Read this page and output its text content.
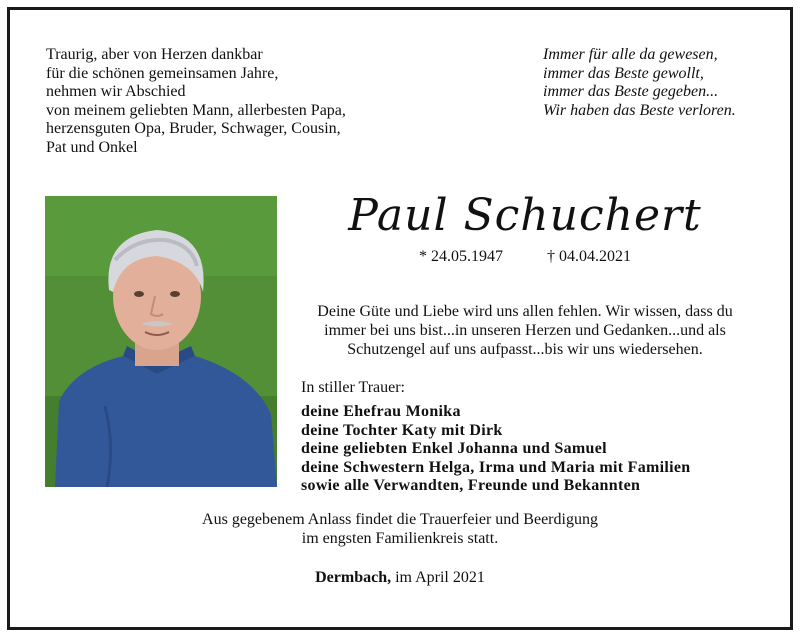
Traurig, aber von Herzen dankbar
für die schönen gemeinsamen Jahre,
nehmen wir Abschied
von meinem geliebten Mann, allerbesten Papa,
herzensguten Opa, Bruder, Schwager, Cousin,
Pat und Onkel
Immer für alle da gewesen,
immer das Beste gewollt,
immer das Beste gegeben...
Wir haben das Beste verloren.
Paul Schuchert
* 24.05.1947	† 04.04.2021
Deine Güte und Liebe wird uns allen fehlen. Wir wissen, dass du
immer bei uns bist...in unseren Herzen und Gedanken...und als
Schutzengel auf uns aufpasst...bis wir uns wiedersehen.
In stiller Trauer:
deine Ehefrau Monika
deine Tochter Katy mit Dirk
deine geliebten Enkel Johanna und Samuel
deine Schwestern Helga, Irma und Maria mit Familien
sowie alle Verwandten, Freunde und Bekannten
Aus gegebenem Anlass findet die Trauerfeier und Beerdigung
im engsten Familienkreis statt.
Dermbach, im April 2021
